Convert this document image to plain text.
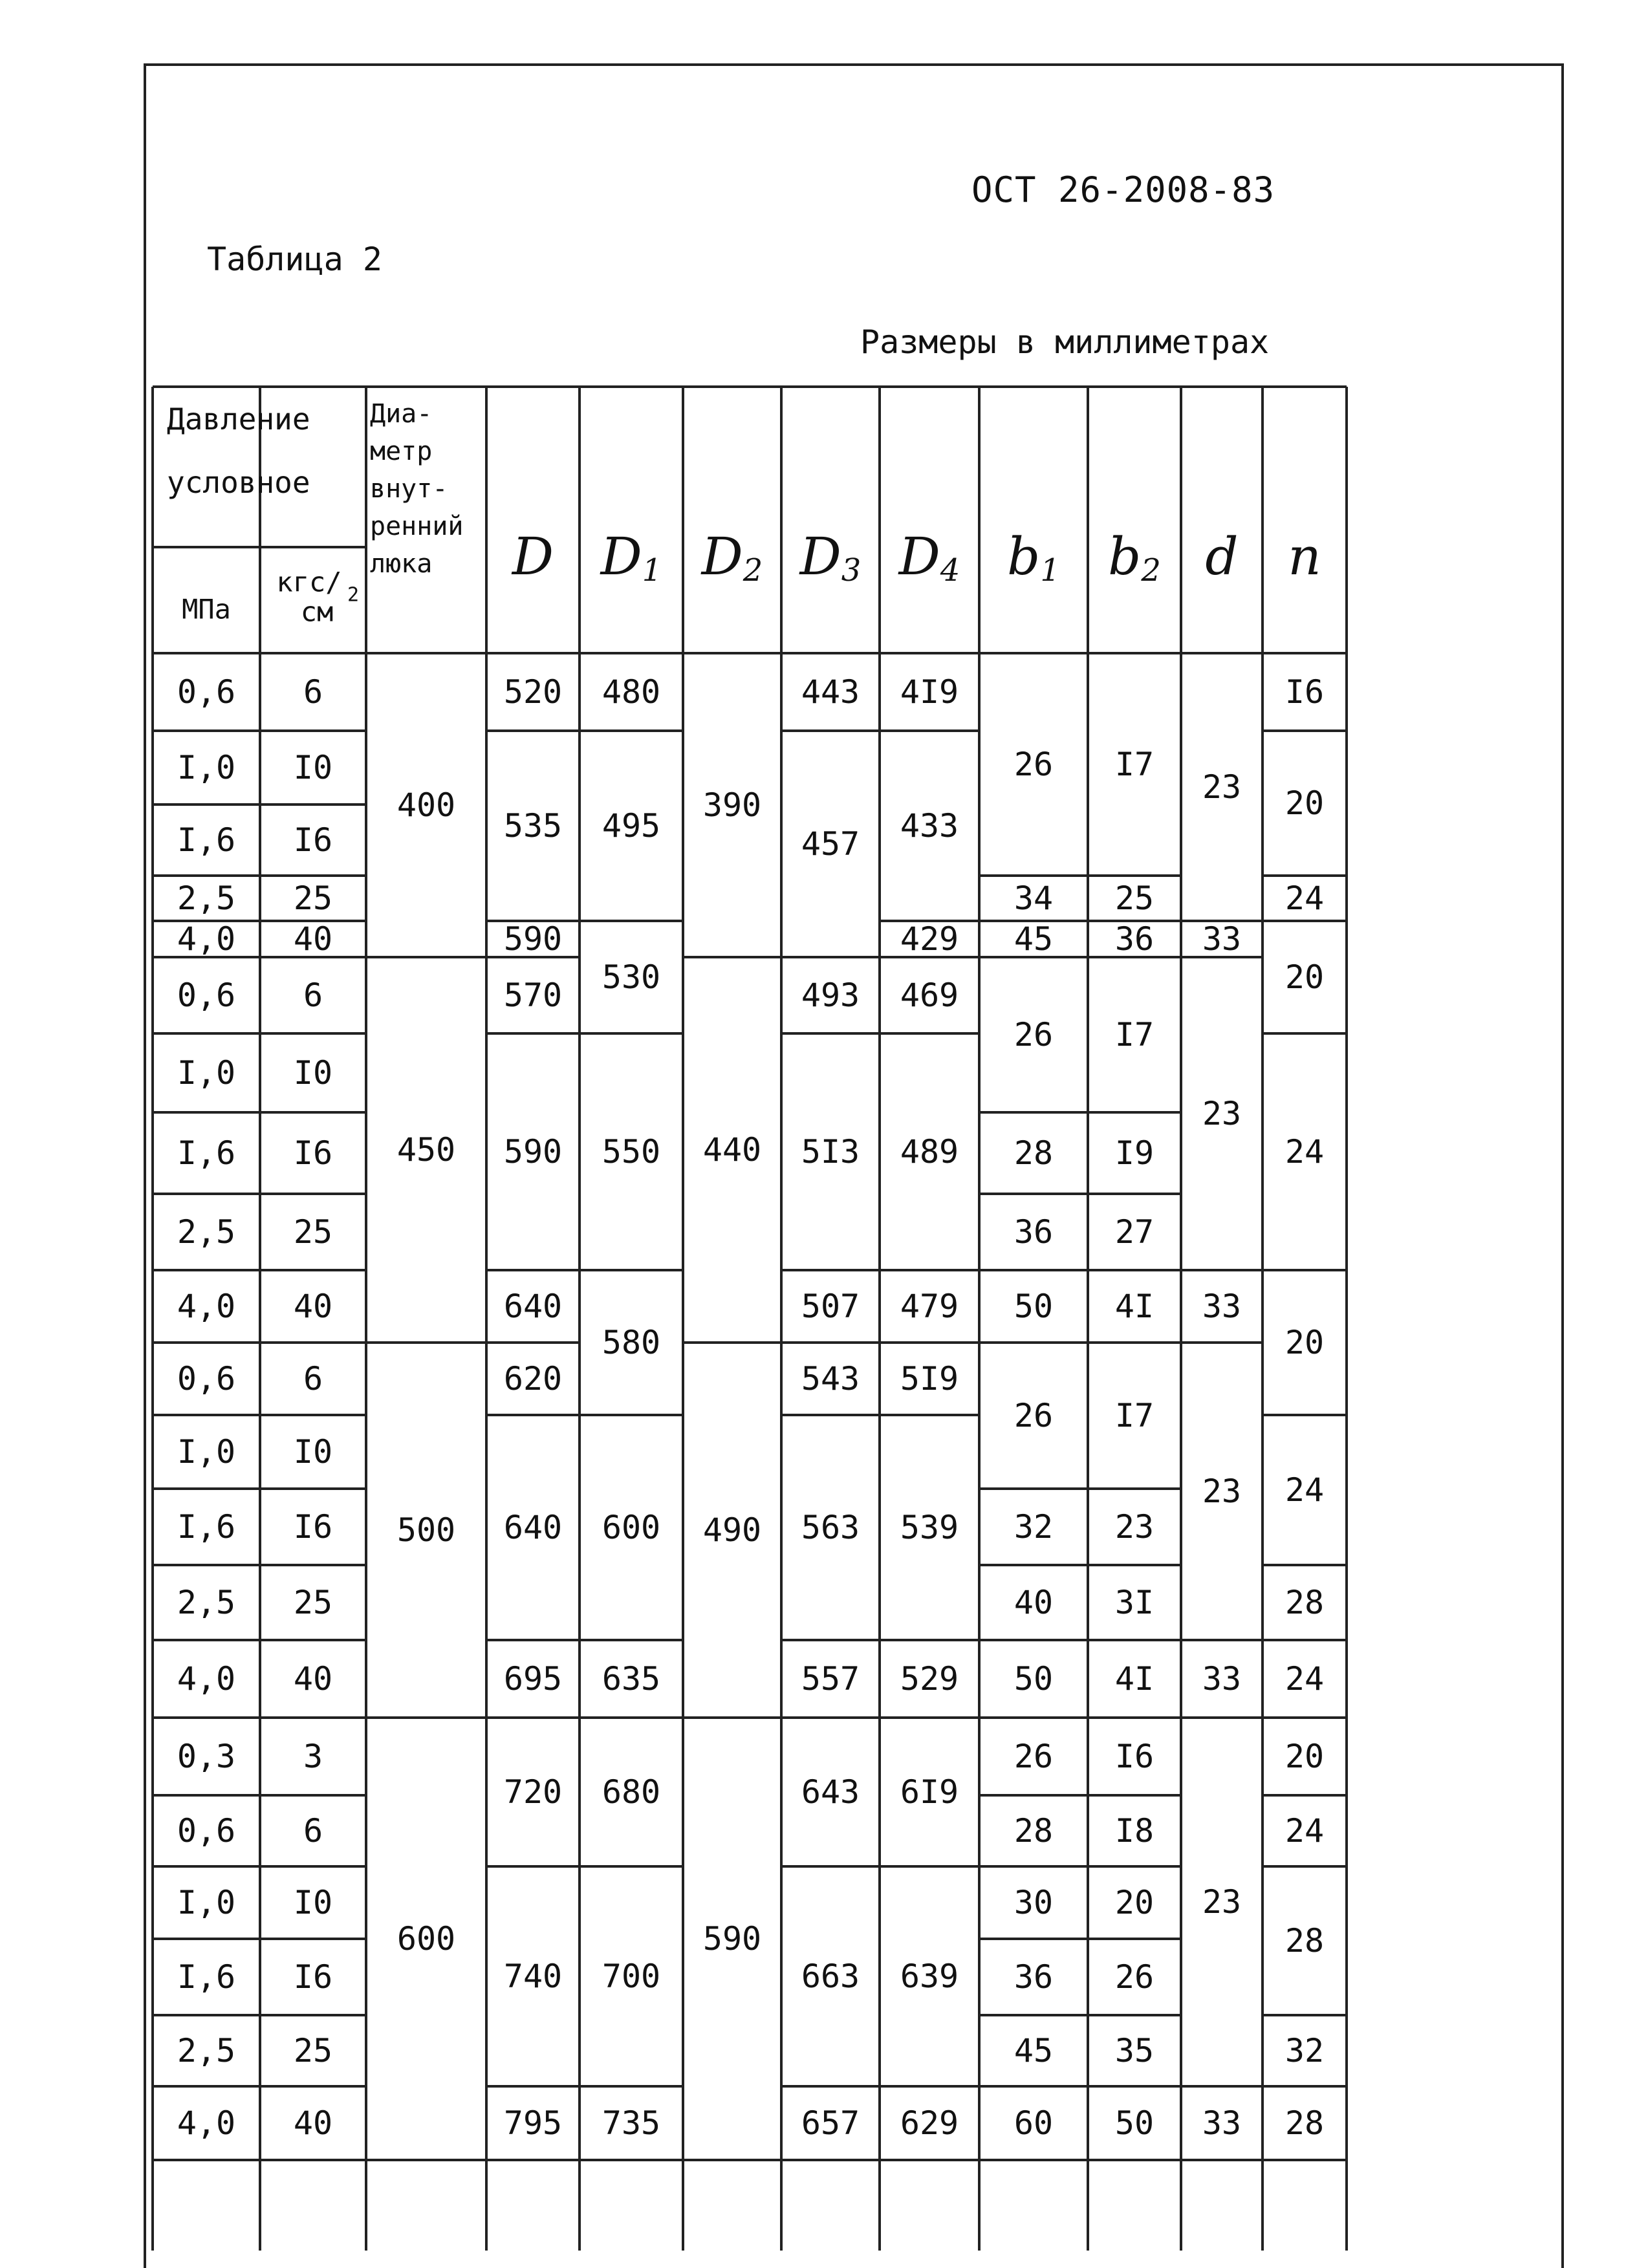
ОСТ 26-2008-83
Таблица 2
Размеры в миллиметрах
Давление
условное
МПа
кгс/
см
2
Диа-
метр
внут-
ренний
люка D $D_1$ $D_2$ $D_3$ $D_4$ $b_1$ $b_2$ d n
0,6 6
I,0 I0
I,6 I6
2,5 25
4,0 40
0,6 6
I,0 I0
I,6 I6
2,5 25
4,0 40
0,6 6
I,0 I0
I,6 I6
2,5 25
4,0 40
0,3 3
0,6 6
I,0 I0
I,6 I6
2,5 25
4,0 40
400
450
500
600
520
535
590
570
590
640
620
640
695
720
740
795
480
495
530
550
580
600
635
680
700
735
390
440
490
590
443
457
493
5I3
507
543
563
557
643
663
657
4I9
433
429
469
489
479
5I9
539
529
6I9
639
629
26
34
45
26
28
36
50
26
32
40
50
26
28
30
36
45
60
I7
25
36
I7
I9
27
4I
I7
23
3I
4I
I6
I8
20
26
35
50
23
33
23
33
23
33
23
33
I6
20
24
20
24
20
24
28
24
20
24
28
32
28
